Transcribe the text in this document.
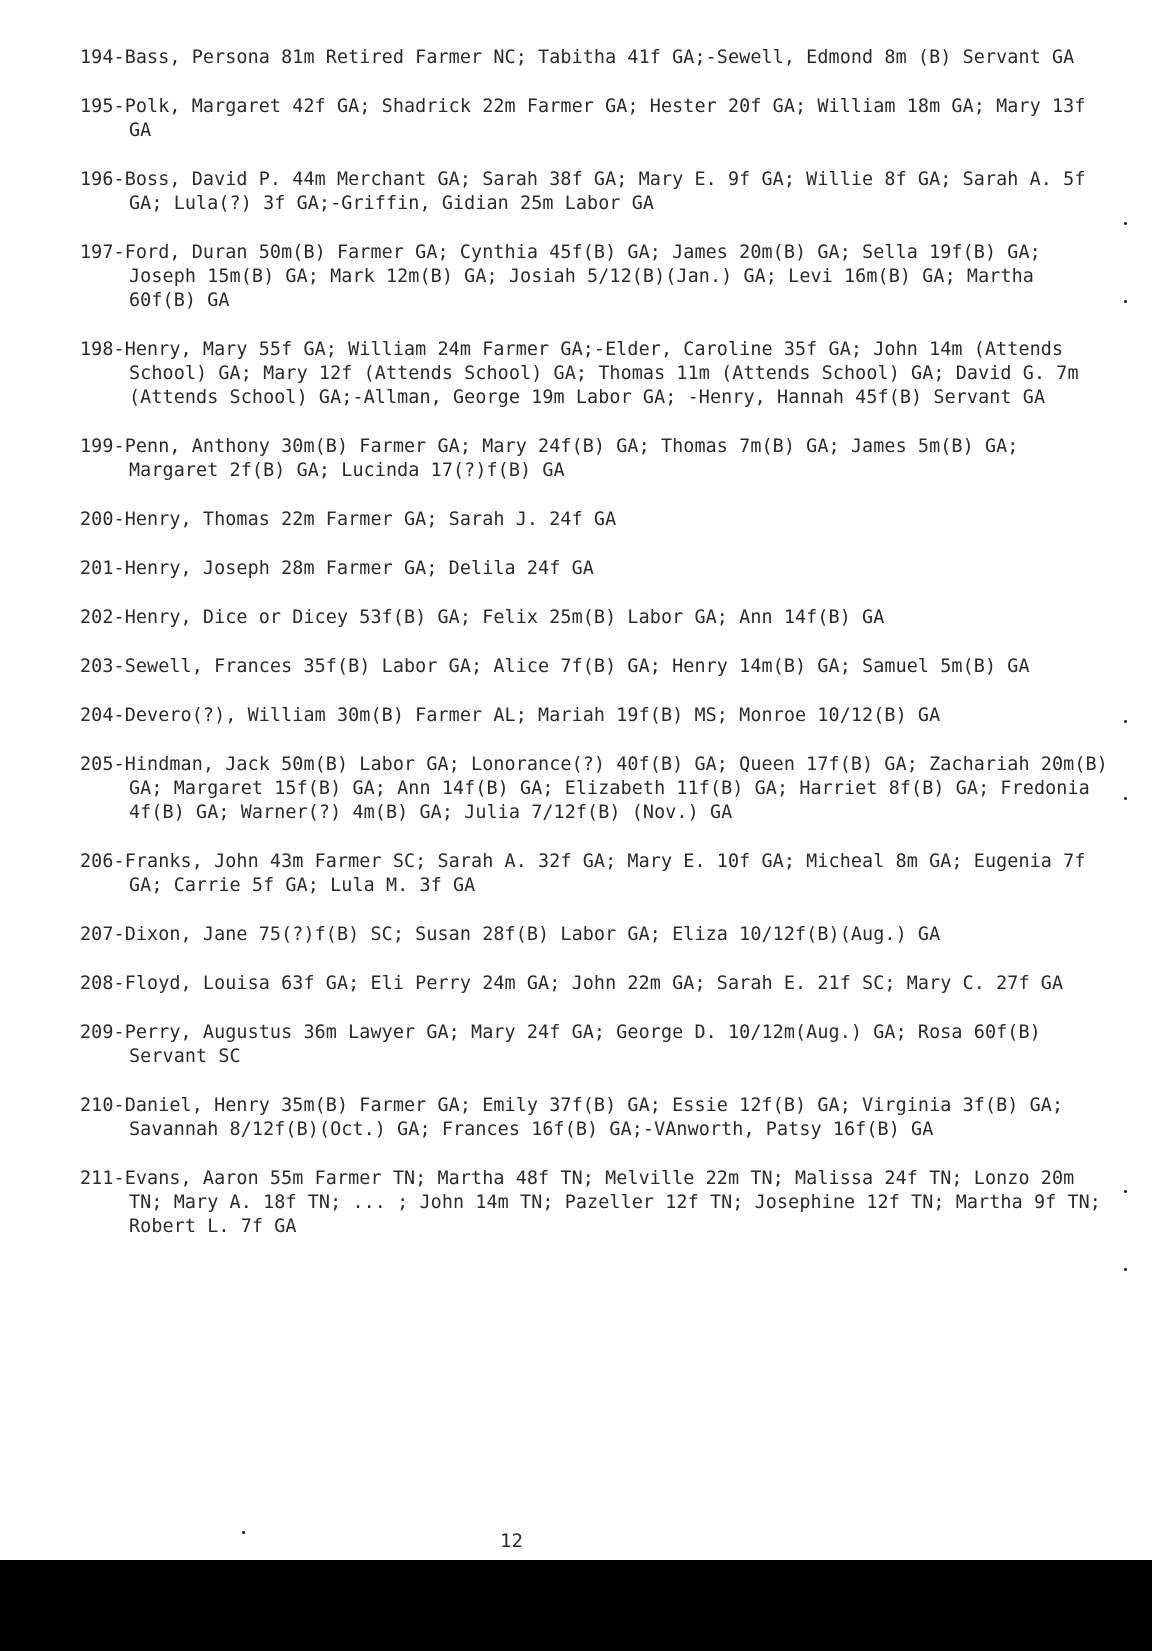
194-Bass, Persona 81m Retired Farmer NC; Tabitha 41f GA;-Sewell, Edmond 8m (B) Servant GA

195-Polk, Margaret 42f GA; Shadrick 22m Farmer GA; Hester 20f GA; William 18m GA; Mary 13f GA

196-Boss, David P. 44m Merchant GA; Sarah 38f GA; Mary E. 9f GA; Willie 8f GA; Sarah A. 5f GA; Lula(?) 3f GA;-Griffin, Gidian 25m Labor GA

197-Ford, Duran 50m(B) Farmer GA; Cynthia 45f(B) GA; James 20m(B) GA; Sella 19f(B) GA; Joseph 15m(B) GA; Mark 12m(B) GA; Josiah 5/12(B)(Jan.) GA; Levi 16m(B) GA; Martha 60f(B) GA

198-Henry, Mary 55f GA; William 24m Farmer GA;-Elder, Caroline 35f GA; John 14m (Attends School) GA; Mary 12f (Attends School) GA; Thomas 11m (Attends School) GA; David G. 7m (Attends School) GA;-Allman, George 19m Labor GA; -Henry, Hannah 45f(B) Servant GA

199-Penn, Anthony 30m(B) Farmer GA; Mary 24f(B) GA; Thomas 7m(B) GA; James 5m(B) GA; Margaret 2f(B) GA; Lucinda 17(?)f(B) GA

200-Henry, Thomas 22m Farmer GA; Sarah J. 24f GA

201-Henry, Joseph 28m Farmer GA; Delila 24f GA

202-Henry, Dice or Dicey 53f(B) GA; Felix 25m(B) Labor GA; Ann 14f(B) GA

203-Sewell, Frances 35f(B) Labor GA; Alice 7f(B) GA; Henry 14m(B) GA; Samuel 5m(B) GA

204-Devero(?), William 30m(B) Farmer AL; Mariah 19f(B) MS; Monroe 10/12(B) GA

205-Hindman, Jack 50m(B) Labor GA; Lonorance(?) 40f(B) GA; Queen 17f(B) GA; Zachariah 20m(B) GA; Margaret 15f(B) GA; Ann 14f(B) GA; Elizabeth 11f(B) GA; Harriet 8f(B) GA; Fredonia 4f(B) GA; Warner(?) 4m(B) GA; Julia 7/12f(B) (Nov.) GA

206-Franks, John 43m Farmer SC; Sarah A. 32f GA; Mary E. 10f GA; Micheal 8m GA; Eugenia 7f GA; Carrie 5f GA; Lula M. 3f GA

207-Dixon, Jane 75(?)f(B) SC; Susan 28f(B) Labor GA; Eliza 10/12f(B)(Aug.) GA

208-Floyd, Louisa 63f GA; Eli Perry 24m GA; John 22m GA; Sarah E. 21f SC; Mary C. 27f GA

209-Perry, Augustus 36m Lawyer GA; Mary 24f GA; George D. 10/12m(Aug.) GA; Rosa 60f(B) Servant SC

210-Daniel, Henry 35m(B) Farmer GA; Emily 37f(B) GA; Essie 12f(B) GA; Virginia 3f(B) GA; Savannah 8/12f(B)(Oct.) GA; Frances 16f(B) GA;-VAnworth, Patsy 16f(B) GA

211-Evans, Aaron 55m Farmer TN; Martha 48f TN; Melville 22m TN; Malissa 24f TN; Lonzo 20m TN; Mary A. 18f TN; ... ; John 14m TN; Pazeller 12f TN; Josephine 12f TN; Martha 9f TN; Robert L. 7f GA

12
